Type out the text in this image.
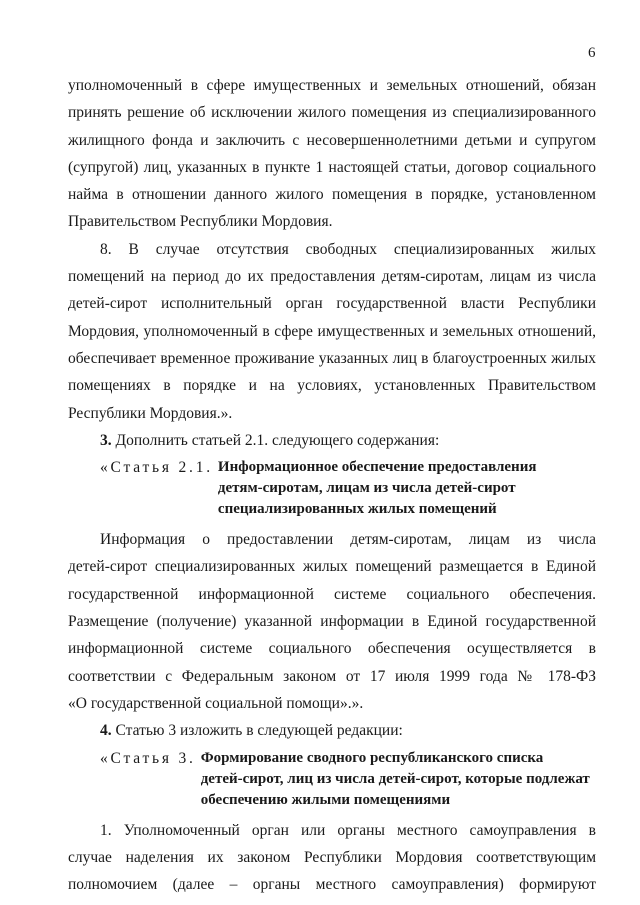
6
уполномоченный в сфере имущественных и земельных отношений, обязан
принять решение об исключении жилого помещения из специализированного
жилищного фонда и заключить с несовершеннолетними детьми и супругом
(супругой) лиц, указанных в пункте 1 настоящей статьи, договор социального
найма в отношении данного жилого помещения в порядке, установленном
Правительством Республики Мордовия.
8. В случае отсутствия свободных специализированных жилых
помещений на период до их предоставления детям-сиротам, лицам из числа
детей-сирот исполнительный орган государственной власти Республики
Мордовия, уполномоченный в сфере имущественных и земельных отношений,
обеспечивает временное проживание указанных лиц в благоустроенных жилых
помещениях в порядке и на условиях, установленных Правительством
Республики Мордовия.».
3. Дополнить статьей 2.1. следующего содержания:
«Статья 2.1. Информационное обеспечение предоставления
детям-сиротам, лицам из числа детей-сирот
специализированных жилых помещений
Информация о предоставлении детям-сиротам, лицам из числа
детей-сирот специализированных жилых помещений размещается в Единой
государственной информационной системе социального обеспечения.
Размещение (получение) указанной информации в Единой государственной
информационной системе социального обеспечения осуществляется в
соответствии с Федеральным законом от 17 июля 1999 года № 178-ФЗ
«О государственной социальной помощи».».
4. Статью 3 изложить в следующей редакции:
«Статья 3. Формирование сводного республиканского списка
детей-сирот, лиц из числа детей-сирот, которые подлежат
обеспечению жилыми помещениями
1. Уполномоченный орган или органы местного самоуправления в
случае наделения их законом Республики Мордовия соответствующим
полномочием (далее – органы местного самоуправления) формируют
